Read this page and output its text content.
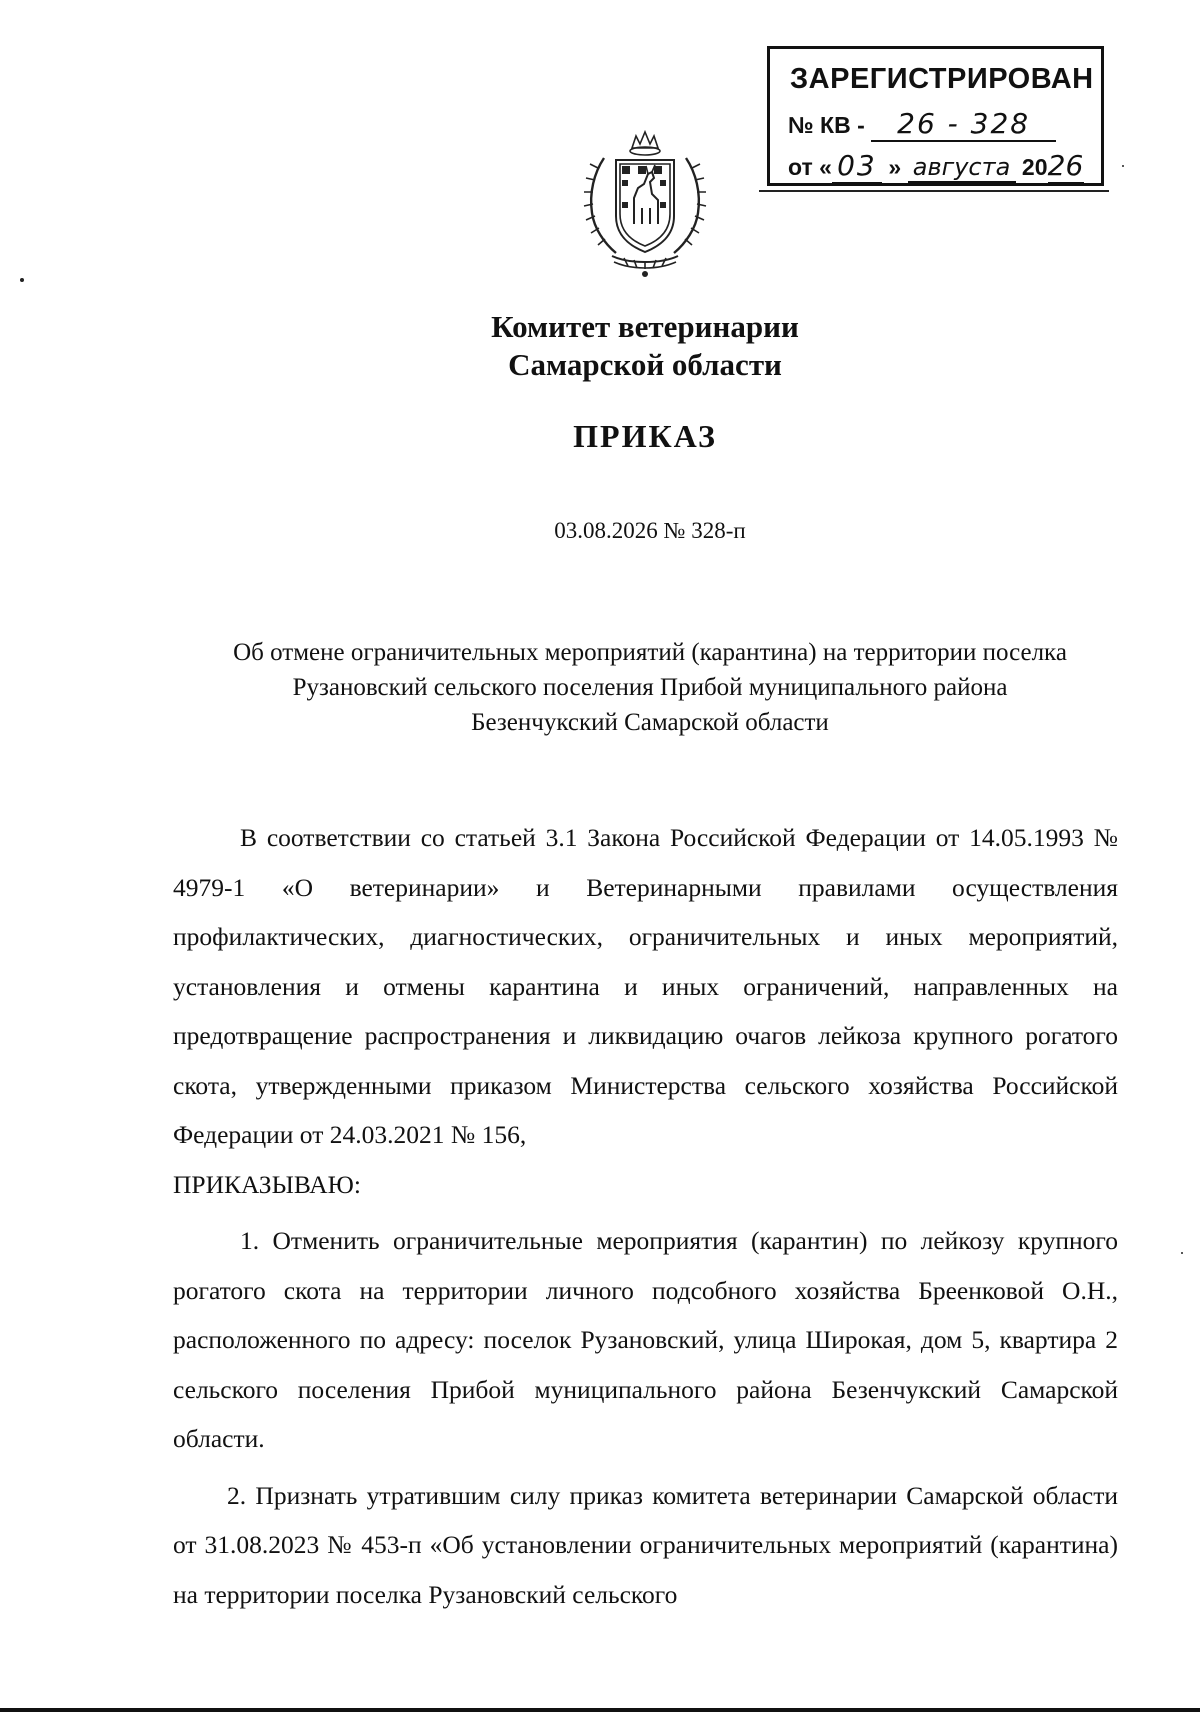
ЗАРЕГИСТРИРОВАН
№ КВ - 26 - 328
от « 03 » августа 2026
Комитет ветеринарии
Самарской области
ПРИКАЗ
03.08.2026 № 328-п
Об отмене ограничительных мероприятий (карантина) на территории поселка
Рузановский сельского поселения Прибой муниципального района
Безенчукский Самарской области

В соответствии со статьей 3.1 Закона Российской Федерации от 14.05.1993 № 4979-1 «О ветеринарии» и Ветеринарными правилами осуществления профилактических, диагностических, ограничительных и иных мероприятий, установления и отмены карантина и иных ограничений, направленных на предотвращение распространения и ликвидацию очагов лейкоза крупного рогатого скота, утвержденными приказом Министерства сельского хозяйства Российской Федерации от 24.03.2021 № 156,

ПРИКАЗЫВАЮ:

1. Отменить ограничительные мероприятия (карантин) по лейкозу крупного рогатого скота на территории личного подсобного хозяйства Бреенковой О.Н., расположенного по адресу: поселок Рузановский, улица Широкая, дом 5, квартира 2 сельского поселения Прибой муниципального района Безенчукский Самарской области.

2. Признать утратившим силу приказ комитета ветеринарии Самарской области от 31.08.2023 № 453-п «Об установлении ограничительных мероприятий (карантина) на территории поселка Рузановский сельского
